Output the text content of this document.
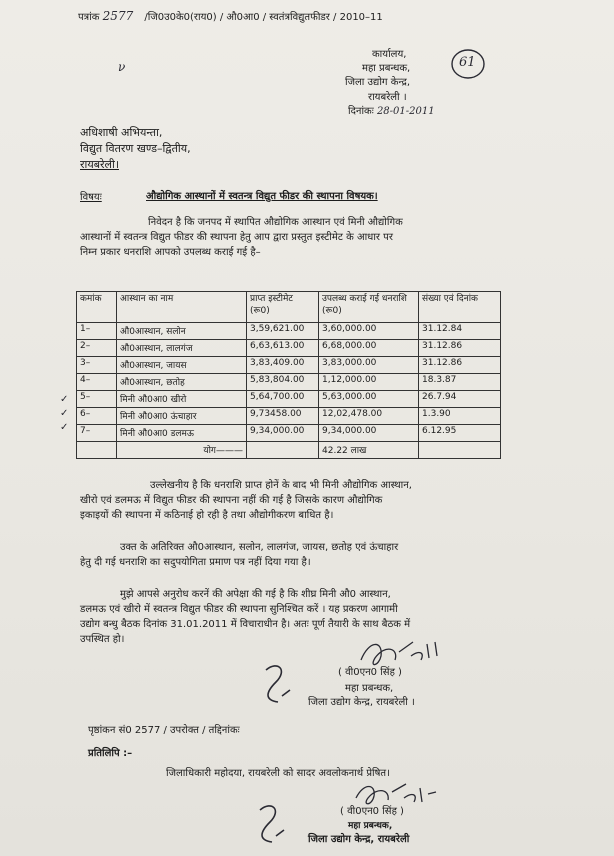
पत्रांक 2577 /जि0उ0के0(राय0) / औ0आ0 / स्वतंत्रविद्युतफीडर / 2010–11
61
ν
कार्यालय,
महा प्रबन्धक,
जिला उद्योग केन्द्र,
रायबरेली ।
दिनांकः 28-01-2011
अधिशाषी अभियन्ता,
विद्युत वितरण खण्ड–द्वितीय,
रायबरेली।
विषयः	औद्योगिक आस्थानों में स्वतन्त्र विद्युत फीडर की स्थापना विषयक।
निवेदन है कि जनपद में स्थापित औद्योगिक आस्थान एवं मिनी औद्योगिक
आस्थानों में स्वतन्त्र विद्युत फीडर की स्थापना हेतु आप द्वारा प्रस्तुत इस्टीमेट के आधार पर
निम्न प्रकार धनराशि आपको उपलब्ध कराई गई है–
कमांक	आस्थान का नाम	प्राप्त इस्टीमेट (रू0)	उपलब्ध कराई गई धनराशि (रू0)	संख्या एवं दिनांक
1–	औ0आस्थान, सलोन	3,59,621.00	3,60,000.00	31.12.84
2–	औ0आस्थान, लालगंज	6,63,613.00	6,68,000.00	31.12.86
3–	औ0आस्थान, जायस	3,83,409.00	3,83,000.00	31.12.86
4–	औ0आस्थान, छतोह	5,83,804.00	1,12,000.00	18.3.87
5–	मिनी औ0आ0 खीरो	5,64,700.00	5,63,000.00	26.7.94
6–	मिनी औ0आ0 ऊंचाहार	9,73458.00	12,02,478.00	1.3.90
7–	मिनी औ0आ0 डलमऊ	9,34,000.00	9,34,000.00	6.12.95
	योग———		42.22 लाख	
✓
✓
✓
उल्लेखनीय है कि धनराशि प्राप्त होनें के बाद भी मिनी औद्योगिक आस्थान,
खीरो एवं डलमऊ में विद्युत फीडर की स्थापना नहीं की गई है जिसके कारण औद्योगिक
इकाइयों की स्थापना में कठिनाई हो रही है तथा औद्योगीकरण बाधित है।
उक्त के अतिरिक्त औ0आस्थान, सलोन, लालगंज, जायस, छतोह एवं ऊंचाहार
हेतु दी गई धनराशि का सदुपयोगिता प्रमाण पत्र नहीं दिया गया है।
मुझे आपसे अनुरोध करनें की अपेक्षा की गई है कि शीघ्र मिनी औ0 आस्थान,
डलमऊ एवं खीरो में स्वतन्त्र विद्युत फीडर की स्थापना सुनिश्चित करें । यह प्रकरण आगामी
उद्योग बन्धु बैठक दिनांक 31.01.2011 में विचाराधीन है। अतः पूर्ण तैयारी के साथ बैठक में
उपस्थित हो।
( वी0एन0 सिंह )
महा प्रबन्धक,
जिला उद्योग केन्द्र, रायबरेली ।
पृष्ठांकन सं0 2577 / उपरोक्त / तद्दिनांकः
प्रतिलिपि :–
जिलाधिकारी महोदया, रायबरेली को सादर अवलोकनार्थ प्रेषित।
( वी0एन0 सिंह )
महा प्रबन्धक,
जिला उद्योग केन्द्र, रायबरेली
